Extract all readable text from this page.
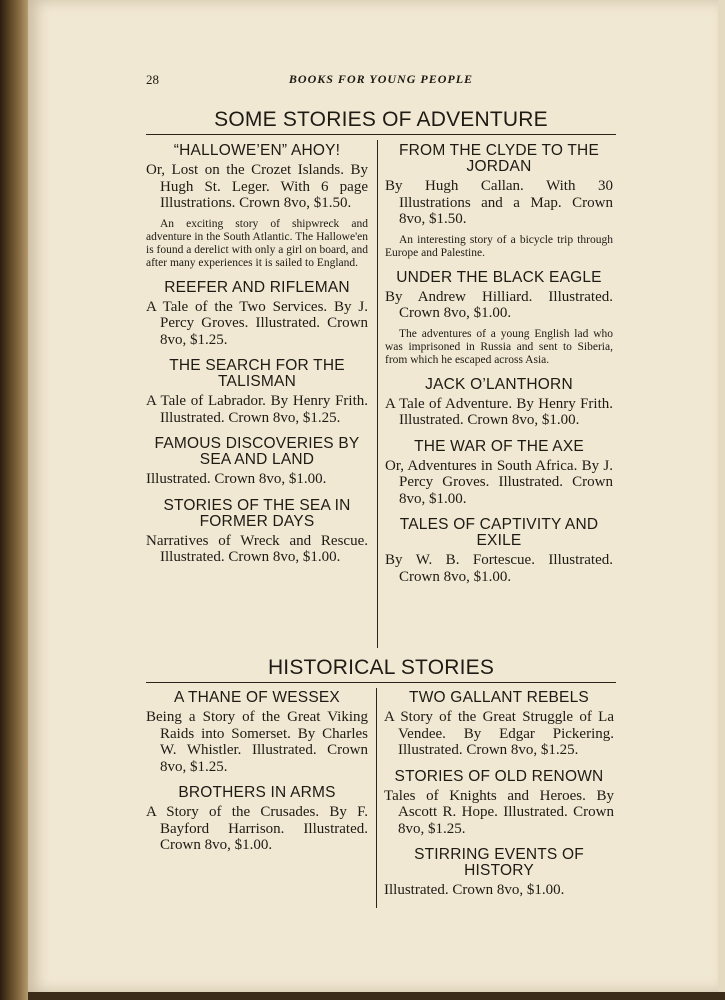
28	BOOKS FOR YOUNG PEOPLE
SOME STORIES OF ADVENTURE
“HALLOWE’EN” AHOY!
Or, Lost on the Crozet Islands. By Hugh St. Leger. With 6 page Illustrations. Crown 8vo, $1.50.
An exciting story of shipwreck and adventure in the South Atlantic. The Hallowe'en is found a derelict with only a girl on board, and after many experiences it is sailed to England.
REEFER AND RIFLEMAN
A Tale of the Two Services. By J. Percy Groves. Illustrated. Crown 8vo, $1.25.
THE SEARCH FOR THE TALISMAN
A Tale of Labrador. By Henry Frith. Illustrated. Crown 8vo, $1.25.
FAMOUS DISCOVERIES BY SEA AND LAND
Illustrated. Crown 8vo, $1.00.
STORIES OF THE SEA IN FORMER DAYS
Narratives of Wreck and Rescue. Illustrated. Crown 8vo, $1.00.
FROM THE CLYDE TO THE JORDAN
By Hugh Callan. With 30 Illustrations and a Map. Crown 8vo, $1.50.
An interesting story of a bicycle trip through Europe and Palestine.
UNDER THE BLACK EAGLE
By Andrew Hilliard. Illustrated. Crown 8vo, $1.00.
The adventures of a young English lad who was imprisoned in Russia and sent to Siberia, from which he escaped across Asia.
JACK O’LANTHORN
A Tale of Adventure. By Henry Frith. Illustrated. Crown 8vo, $1.00.
THE WAR OF THE AXE
Or, Adventures in South Africa. By J. Percy Groves. Illustrated. Crown 8vo, $1.00.
TALES OF CAPTIVITY AND EXILE
By W. B. Fortescue. Illustrated. Crown 8vo, $1.00.
HISTORICAL STORIES
A THANE OF WESSEX
Being a Story of the Great Viking Raids into Somerset. By Charles W. Whistler. Illustrated. Crown 8vo, $1.25.
BROTHERS IN ARMS
A Story of the Crusades. By F. Bayford Harrison. Illustrated. Crown 8vo, $1.00.
TWO GALLANT REBELS
A Story of the Great Struggle of La Vendee. By Edgar Pickering. Illustrated. Crown 8vo, $1.25.
STORIES OF OLD RENOWN
Tales of Knights and Heroes. By Ascott R. Hope. Illustrated. Crown 8vo, $1.25.
STIRRING EVENTS OF HISTORY
Illustrated. Crown 8vo, $1.00.
